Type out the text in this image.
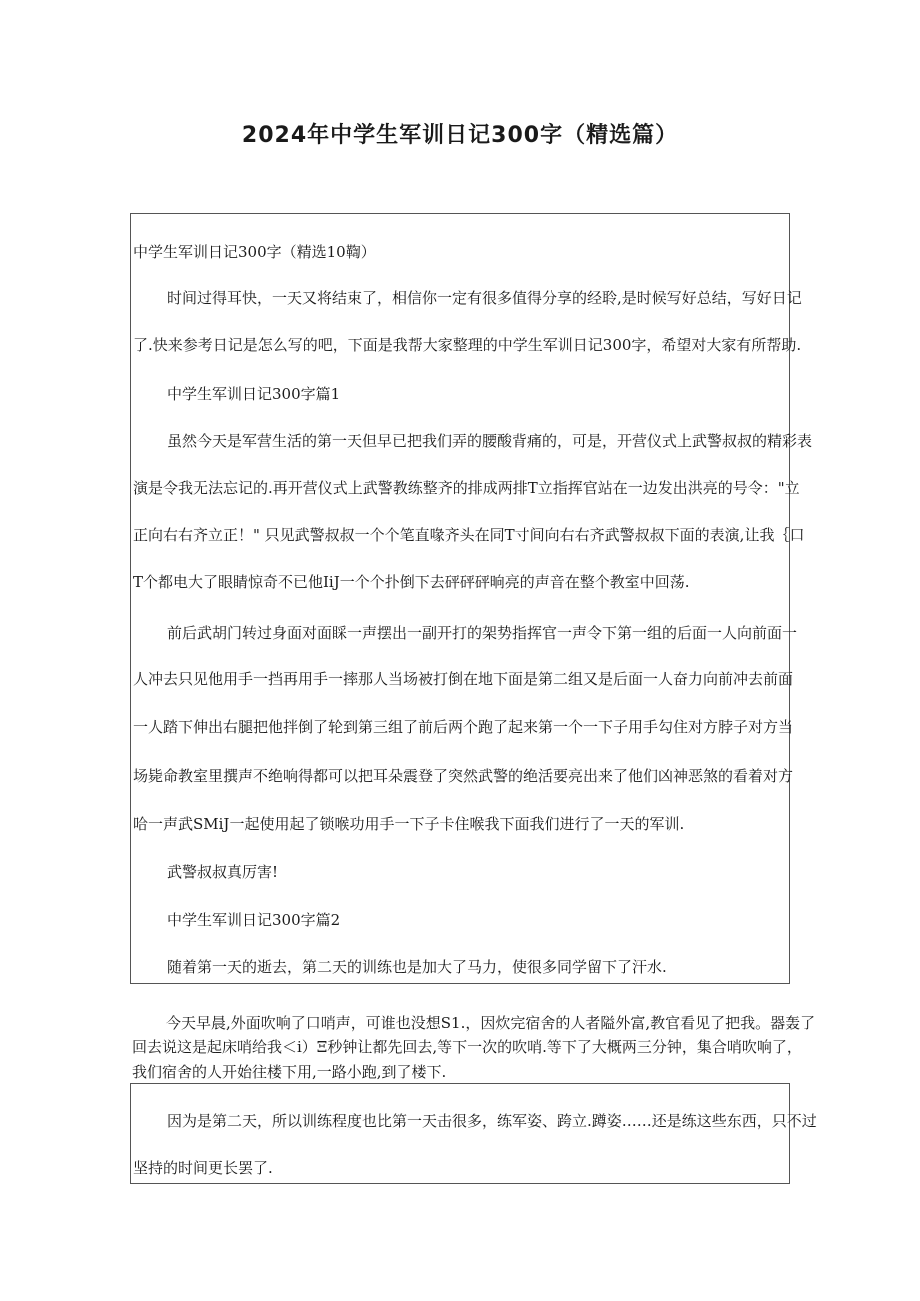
2024年中学生军训日记300字（精选篇）

中学生军训日记300字（精选10鞫）

时间过得耳快，一天又将结束了，相信你一定有很多值得分享的经聆,是时候写好总结，写好日记

了.快来参考日记是怎么写的吧，下面是我帮大家整理的中学生军训日记300字，希望对大家有所帮助.

中学生军训日记300字篇1

虽然今天是军营生活的第一天但早已把我们弄的腰酸背痛的，可是，开营仪式上武警叔叔的精彩表

演是令我无法忘记的.再开营仪式上武警教练整齐的排成两排T立指挥官站在一边发出洪亮的号令："立

正向右右齐立正！" 只见武警叔叔一个个笔直喙齐头在同T寸间向右右齐武警叔叔下面的表演,让我｛口

T个都电大了眼睛惊奇不已他IiJ一个个扑倒下去砰砰砰晌亮的声音在整个教室中回荡.

前后武胡门转过身面对面睬一声摆出一副开打的架势指挥官一声令下第一组的后面一人向前面一

人冲去只见他用手一挡再用手一摔那人当场被打倒在地下面是第二组又是后面一人奋力向前冲去前面

一人踏下伸出右腿把他拌倒了轮到第三组了前后两个跑了起来第一个一下子用手勾住对方脖子对方当

场毙命教室里撰声不绝响得都可以把耳朵震登了突然武警的绝活要亮出来了他们凶神恶煞的看着对方

哈一声武SMiJ一起使用起了锁喉功用手一下子卡住喉我下面我们进行了一天的军训.

武警叔叔真厉害!

中学生军训日记300字篇2

随着第一天的逝去，第二天的训练也是加大了马力，使很多同学留下了汗水.

今天早晨,外面吹响了口哨声，可谁也没想S1.，因炊完宿舍的人者隘外富,教官看见了把我。器轰了
回去说这是起床哨给我＜i）Ξ秒钟让都先回去,等下一次的吹哨.等下了大概两三分钟，集合哨吹响了，
我们宿舍的人开始往楼下用,一路小跑,到了楼下.

因为是第二天，所以训练程度也比第一天击很多，练军姿、跨立.蹲姿……还是练这些东西，只不过

坚持的时间更长罢了.
